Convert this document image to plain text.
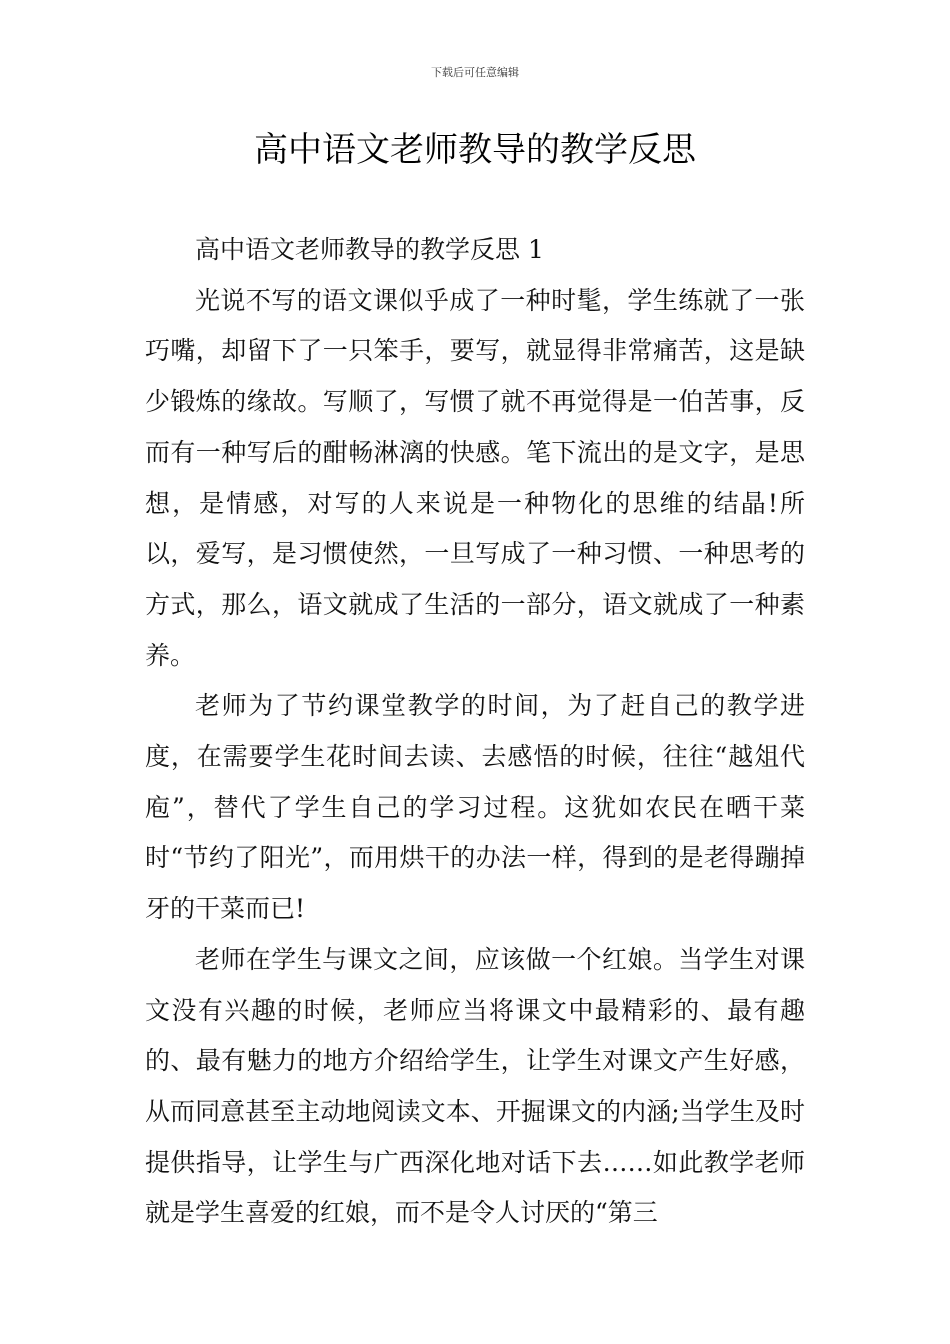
下载后可任意编辑
高中语文老师教导的教学反思

高中语文老师教导的教学反思 1

光说不写的语文课似乎成了一种时髦，学生练就了一张巧嘴，却留下了一只笨手，要写，就显得非常痛苦，这是缺少锻炼的缘故。写顺了，写惯了就不再觉得是一伯苦事，反而有一种写后的酣畅淋漓的快感。笔下流出的是文字，是思想，是情感，对写的人来说是一种物化的思维的结晶!所以，爱写，是习惯使然，一旦写成了一种习惯、一种思考的方式，那么，语文就成了生活的一部分，语文就成了一种素养。

老师为了节约课堂教学的时间，为了赶自己的教学进度，在需要学生花时间去读、去感悟的时候，往往“越俎代庖”，替代了学生自己的学习过程。这犹如农民在晒干菜时“节约了阳光”，而用烘干的办法一样，得到的是老得蹦掉牙的干菜而已!

老师在学生与课文之间，应该做一个红娘。当学生对课文没有兴趣的时候，老师应当将课文中最精彩的、最有趣的、最有魅力的地方介绍给学生，让学生对课文产生好感，从而同意甚至主动地阅读文本、开掘课文的内涵;当学生及时提供指导，让学生与广西深化地对话下去……如此教学老师就是学生喜爱的红娘，而不是令人讨厌的“第三
